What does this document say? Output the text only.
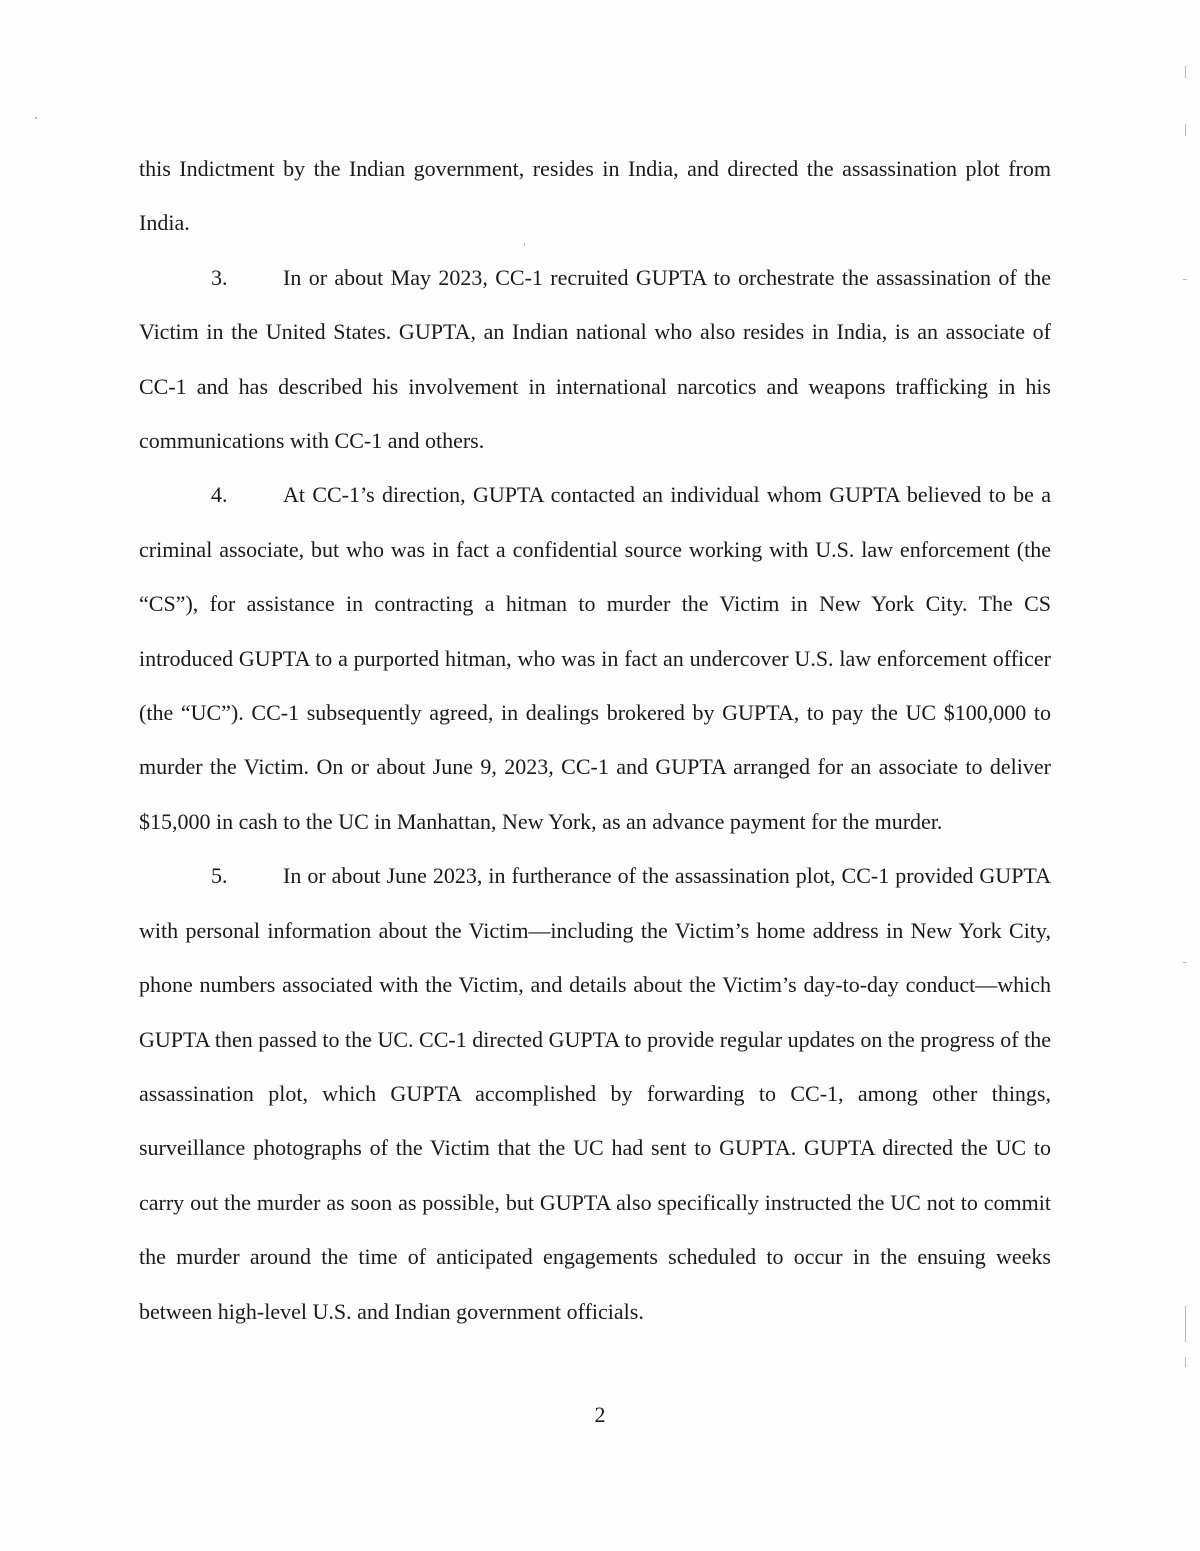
this Indictment by the Indian government, resides in India, and directed the assassination plot from India.

3.	In or about May 2023, CC-1 recruited GUPTA to orchestrate the assassination of the Victim in the United States. GUPTA, an Indian national who also resides in India, is an associate of CC-1 and has described his involvement in international narcotics and weapons trafficking in his communications with CC-1 and others.

4.	At CC-1’s direction, GUPTA contacted an individual whom GUPTA believed to be a criminal associate, but who was in fact a confidential source working with U.S. law enforcement (the “CS”), for assistance in contracting a hitman to murder the Victim in New York City. The CS introduced GUPTA to a purported hitman, who was in fact an undercover U.S. law enforcement officer (the “UC”). CC-1 subsequently agreed, in dealings brokered by GUPTA, to pay the UC $100,000 to murder the Victim. On or about June 9, 2023, CC-1 and GUPTA arranged for an associate to deliver $15,000 in cash to the UC in Manhattan, New York, as an advance payment for the murder.

5.	In or about June 2023, in furtherance of the assassination plot, CC-1 provided GUPTA with personal information about the Victim—including the Victim’s home address in New York City, phone numbers associated with the Victim, and details about the Victim’s day-to-day conduct—which GUPTA then passed to the UC. CC-1 directed GUPTA to provide regular updates on the progress of the assassination plot, which GUPTA accomplished by forwarding to CC-1, among other things, surveillance photographs of the Victim that the UC had sent to GUPTA. GUPTA directed the UC to carry out the murder as soon as possible, but GUPTA also specifically instructed the UC not to commit the murder around the time of anticipated engagements scheduled to occur in the ensuing weeks between high-level U.S. and Indian government officials.

2
